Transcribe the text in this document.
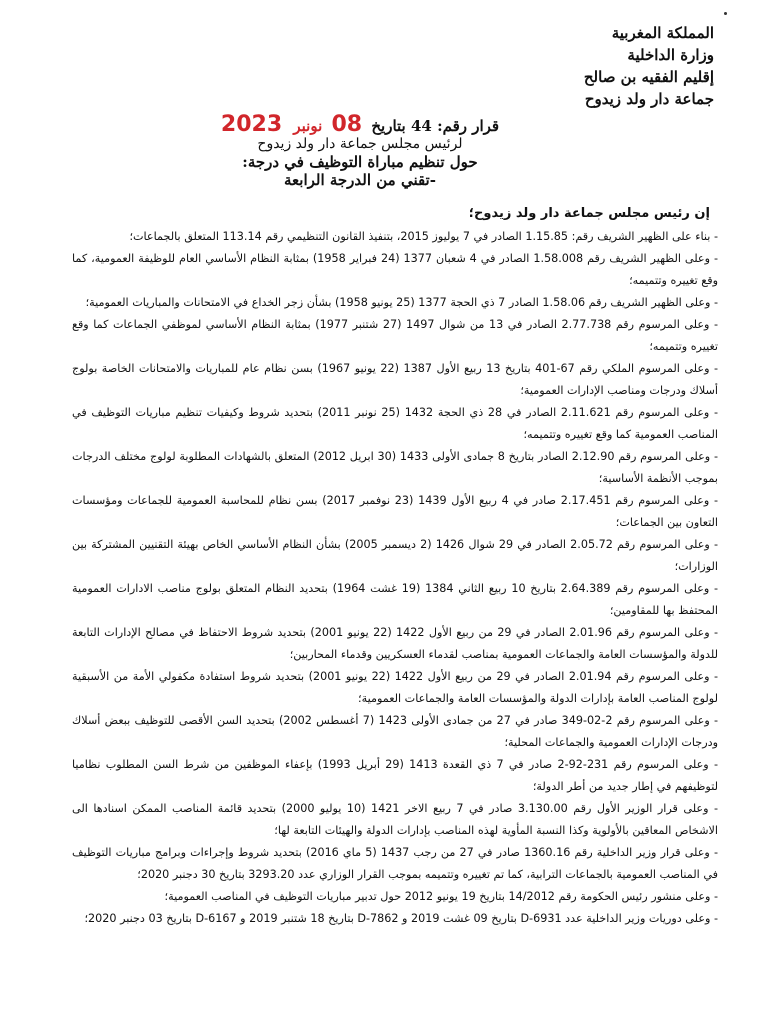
المملكة المغربية
وزارة الداخلية
إقليم الفقيه بن صالح
جماعة دار ولد زيدوح
قرار رقم: 44 بتاريخ 08 نونبر 2023
لرئيس مجلس جماعة دار ولد زيدوح
حول تنظيم مباراة التوظيف في درجة:
-تقني من الدرجة الرابعة
إن رئيس مجلس جماعة دار ولد زيدوح؛
- بناء على الظهير الشريف رقم: 1.15.85 الصادر في 7 يوليوز 2015، بتنفيذ القانون التنظيمي رقم 113.14 المتعلق بالجماعات؛
- وعلى الظهير الشريف رقم 1.58.008 الصادر في 4 شعبان 1377 (24 فبراير 1958) بمثابة النظام الأساسي العام للوظيفة العمومية، كما وقع تغييره وتتميمه؛
- وعلى الظهير الشريف رقم 1.58.06 الصادر 7 ذي الحجة 1377 (25 يونيو 1958) بشأن زجر الخداع في الامتحانات والمباريات العمومية؛
- وعلى المرسوم رقم 2.77.738 الصادر في 13 من شوال 1497 (27 شتنبر 1977) بمثابة النظام الأساسي لموظفي الجماعات كما وقع تغييره وتتميمه؛
- وعلى المرسوم الملكي رقم 67-401 بتاريخ 13 ربيع الأول 1387 (22 يونيو 1967) بسن نظام عام للمباريات والامتحانات الخاصة بولوج أسلاك ودرجات ومناصب الإدارات العمومية؛
- وعلى المرسوم رقم 2.11.621 الصادر في 28 ذي الحجة 1432 (25 نونبر 2011) بتحديد شروط وكيفيات تنظيم مباريات التوظيف في المناصب العمومية كما وقع تغييره وتتميمه؛
- وعلى المرسوم رقم 2.12.90 الصادر بتاريخ 8 جمادى الأولى 1433 (30 ابريل 2012) المتعلق بالشهادات المطلوبة لولوج مختلف الدرجات بموجب الأنظمة الأساسية؛
- وعلى المرسوم رقم 2.17.451 صادر في 4 ربيع الأول 1439 (23 نوفمبر 2017) بسن نظام للمحاسبة العمومية للجماعات ومؤسسات التعاون بين الجماعات؛
- وعلى المرسوم رقم 2.05.72 الصادر في 29 شوال 1426 (2 ديسمبر 2005) بشأن النظام الأساسي الخاص بهيئة التقنيين المشتركة بين الوزارات؛
- وعلى المرسوم رقم 2.64.389 بتاريخ 10 ربيع الثاني 1384 (19 غشت 1964) بتحديد النظام المتعلق بولوج مناصب الادارات العمومية المحتفظ بها للمقاومين؛
- وعلى المرسوم رقم 2.01.96 الصادر في 29 من ربيع الأول 1422 (22 يونيو 2001) بتحديد شروط الاحتفاظ في مصالح الإدارات التابعة للدولة والمؤسسات العامة والجماعات العمومية بمناصب لقدماء العسكريين وقدماء المحاربين؛
- وعلى المرسوم رقم 2.01.94 الصادر في 29 من ربيع الأول 1422 (22 يونيو 2001) بتحديد شروط استفادة مكفولي الأمة من الأسبقية لولوج المناصب العامة بإدارات الدولة والمؤسسات العامة والجماعات العمومية؛
- وعلى المرسوم رقم 2-02-349 صادر في 27 من جمادى الأولى 1423 (7 أغسطس 2002) بتحديد السن الأقصى للتوظيف ببعض أسلاك ودرجات الإدارات العمومية والجماعات المحلية؛
- وعلى المرسوم رقم 231-92-2 صادر في 7 ذي القعدة 1413 (29 أبريل 1993) بإعفاء الموظفين من شرط السن المطلوب نظاميا لتوظيفهم في إطار جديد من أطر الدولة؛
- وعلى قرار الوزير الأول رقم 3.130.00 صادر في 7 ربيع الاخر 1421 (10 يوليو 2000) بتحديد قائمة المناصب الممكن اسنادها الى الاشخاص المعاقين بالأولوية وكذا النسبة المأوية لهذه المناصب بإدارات الدولة والهيئات التابعة لها؛
- وعلى قرار وزير الداخلية رقم 1360.16 صادر في 27 من رجب 1437 (5 ماي 2016) بتحديد شروط وإجراءات وبرامج مباريات التوظيف في المناصب العمومية بالجماعات الترابية، كما تم تغييره وتتميمه بموجب القرار الوزاري عدد 3293.20 بتاريخ 30 دجنبر 2020؛
- وعلى منشور رئيس الحكومة رقم 14/2012 بتاريخ 19 يونيو 2012 حول تدبير مباريات التوظيف في المناصب العمومية؛
- وعلى دوريات وزير الداخلية عدد D-6931 بتاريخ 09 غشت 2019 و D-7862 بتاريخ 18 شتنبر 2019 و D-6167 بتاريخ 03 دجنبر 2020؛
